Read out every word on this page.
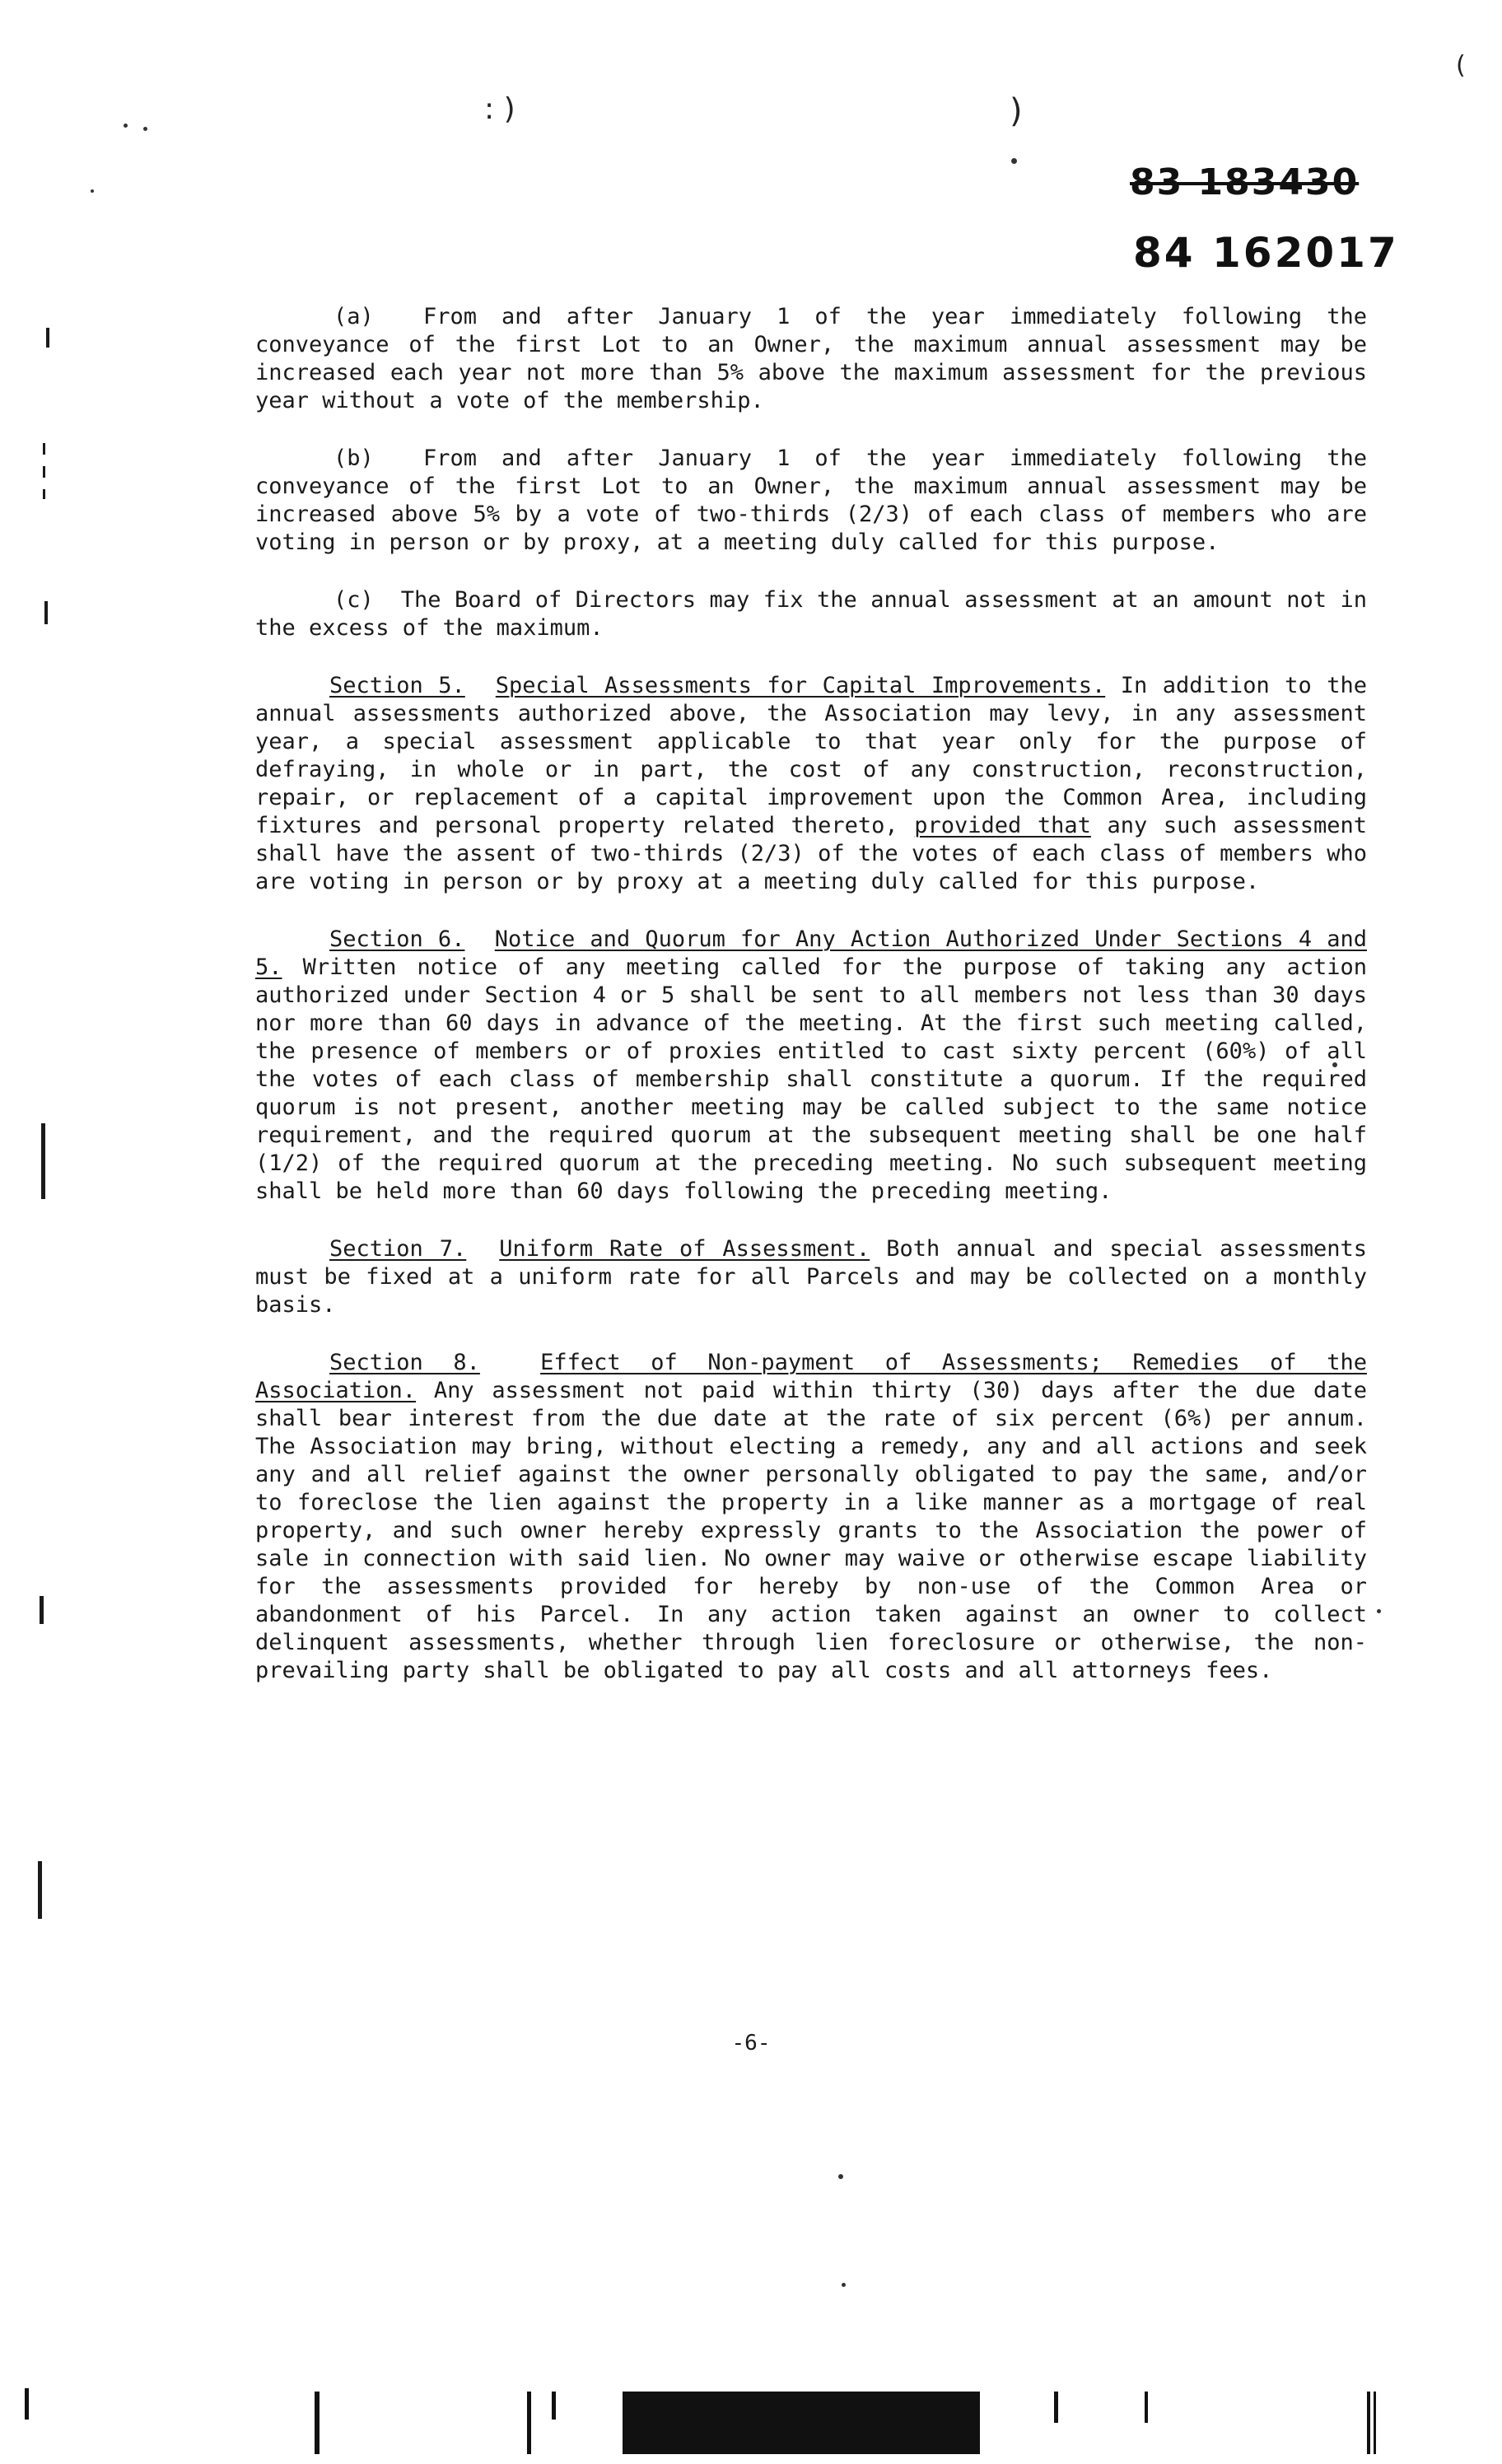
: )	)
(
83 183430
84 162017

(a) From and after January 1 of the year immediately following the conveyance of the first Lot to an Owner, the maximum annual assessment may be increased each year not more than 5% above the maximum assessment for the previous year without a vote of the membership.

(b) From and after January 1 of the year immediately following the conveyance of the first Lot to an Owner, the maximum annual assessment may be increased above 5% by a vote of two-thirds (2/3) of each class of members who are voting in person or by proxy, at a meeting duly called for this purpose.

(c) The Board of Directors may fix the annual assessment at an amount not in the excess of the maximum.

Section 5. Special Assessments for Capital Improvements. In addition to the annual assessments authorized above, the Association may levy, in any assessment year, a special assessment applicable to that year only for the purpose of defraying, in whole or in part, the cost of any construction, reconstruction, repair, or replacement of a capital improvement upon the Common Area, including fixtures and personal property related thereto, provided that any such assessment shall have the assent of two-thirds (2/3) of the votes of each class of members who are voting in person or by proxy at a meeting duly called for this purpose.

Section 6. Notice and Quorum for Any Action Authorized Under Sections 4 and 5. Written notice of any meeting called for the purpose of taking any action authorized under Section 4 or 5 shall be sent to all members not less than 30 days nor more than 60 days in advance of the meeting. At the first such meeting called, the presence of members or of proxies entitled to cast sixty percent (60%) of all the votes of each class of membership shall constitute a quorum. If the required quorum is not present, another meeting may be called subject to the same notice requirement, and the required quorum at the subsequent meeting shall be one half (1/2) of the required quorum at the preceding meeting. No such subsequent meeting shall be held more than 60 days following the preceding meeting.

Section 7. Uniform Rate of Assessment. Both annual and special assessments must be fixed at a uniform rate for all Parcels and may be collected on a monthly basis.

Section 8.	Effect of Non-payment of Assessments; Remedies of the Association. Any assessment not paid within thirty (30) days after the due date shall bear interest from the due date at the rate of six percent (6%) per annum. The Association may bring, without electing a remedy, any and all actions and seek any and all relief against the owner personally obligated to pay the same, and/or to foreclose the lien against the property in a like manner as a mortgage of real property, and such owner hereby expressly grants to the Association the power of sale in connection with said lien. No owner may waive or otherwise escape liability for the assessments provided for hereby by non-use of the Common Area or abandonment of his Parcel. In any action taken against an owner to collect delinquent assessments, whether through lien foreclosure or otherwise, the non-prevailing party shall be obligated to pay all costs and all attorneys fees.

-6-
